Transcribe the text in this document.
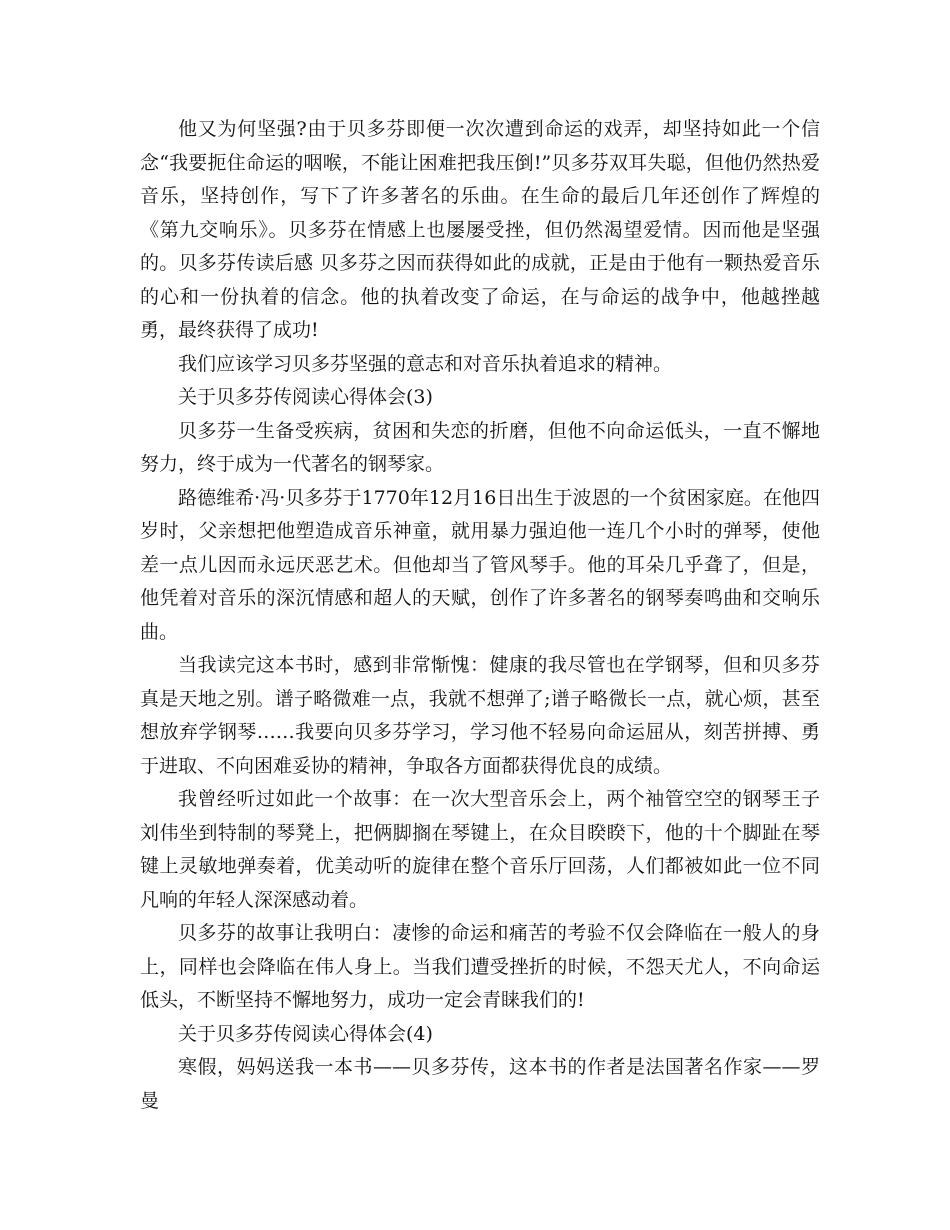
他又为何坚强?由于贝多芬即便一次次遭到命运的戏弄，却坚持如此一个信念“我要扼住命运的咽喉，不能让困难把我压倒!”贝多芬双耳失聪，但他仍然热爱音乐，坚持创作，写下了许多著名的乐曲。在生命的最后几年还创作了辉煌的《第九交响乐》。贝多芬在情感上也屡屡受挫，但仍然渴望爱情。因而他是坚强的。贝多芬传读后感 贝多芬之因而获得如此的成就，正是由于他有一颗热爱音乐的心和一份执着的信念。他的执着改变了命运，在与命运的战争中，他越挫越勇，最终获得了成功!

我们应该学习贝多芬坚强的意志和对音乐执着追求的精神。

关于贝多芬传阅读心得体会(3)

贝多芬一生备受疾病，贫困和失恋的折磨，但他不向命运低头，一直不懈地努力，终于成为一代著名的钢琴家。

路德维希·冯·贝多芬于1770年12月16日出生于波恩的一个贫困家庭。在他四岁时，父亲想把他塑造成音乐神童，就用暴力强迫他一连几个小时的弹琴，使他差一点儿因而永远厌恶艺术。但他却当了管风琴手。他的耳朵几乎聋了，但是，他凭着对音乐的深沉情感和超人的天赋，创作了许多著名的钢琴奏鸣曲和交响乐曲。

当我读完这本书时，感到非常惭愧：健康的我尽管也在学钢琴，但和贝多芬真是天地之别。谱子略微难一点，我就不想弹了;谱子略微长一点，就心烦，甚至想放弃学钢琴……我要向贝多芬学习，学习他不轻易向命运屈从，刻苦拼搏、勇于进取、不向困难妥协的精神，争取各方面都获得优良的成绩。

我曾经听过如此一个故事：在一次大型音乐会上，两个袖管空空的钢琴王子刘伟坐到特制的琴凳上，把俩脚搁在琴键上，在众目睽睽下，他的十个脚趾在琴键上灵敏地弹奏着，优美动听的旋律在整个音乐厅回荡，人们都被如此一位不同凡响的年轻人深深感动着。

贝多芬的故事让我明白：凄惨的命运和痛苦的考验不仅会降临在一般人的身上，同样也会降临在伟人身上。当我们遭受挫折的时候，不怨天尤人，不向命运低头，不断坚持不懈地努力，成功一定会青睐我们的!

关于贝多芬传阅读心得体会(4)

寒假，妈妈送我一本书——贝多芬传，这本书的作者是法国著名作家——罗曼
